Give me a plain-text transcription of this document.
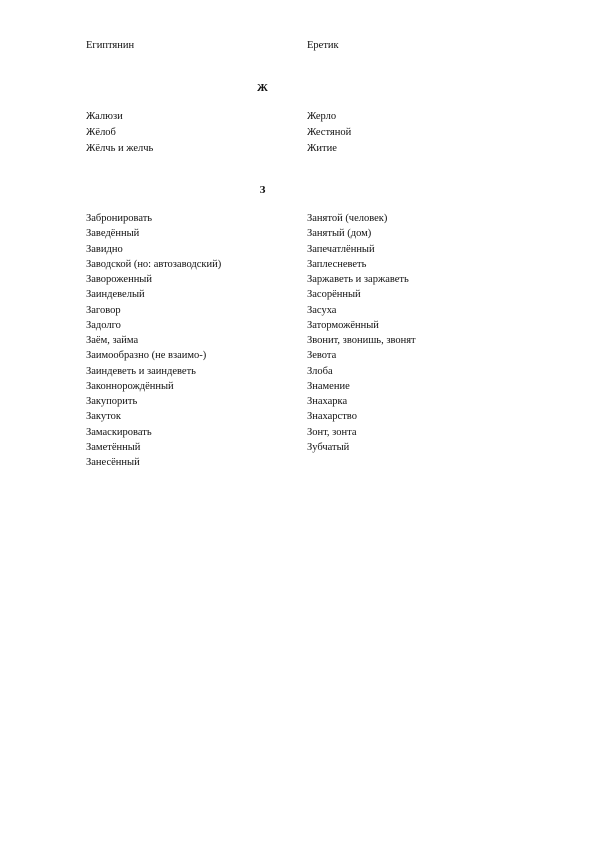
Египтянин	Еретик
Ж
Жалюзи
Жёлоб
Жёлчь и желчь
Жерло
Жестяной
Житие
З
Забронировать
Заведённый
Завидно
Заводской (но: автозаводский)
Завороженный
Заиндевелый
Заговор
Задолго
Заём, займа
Заимообразно (не взаимо-)
Заиндеветь и заиндеветь
Законнорождённый
Закупорить
Закуток
Замаскировать
Заметённый
Занесённый
Занятой (человек)
Занятый (дом)
Запечатлённый
Заплесневеть
Заржаветь и заржаветь
Засорённый
Засуха
Заторможённый
Звонит, звонишь, звонят
Зевота
Злоба
Знамение
Знахарка
Знахарство
Зонт, зонта
Зубчатый
